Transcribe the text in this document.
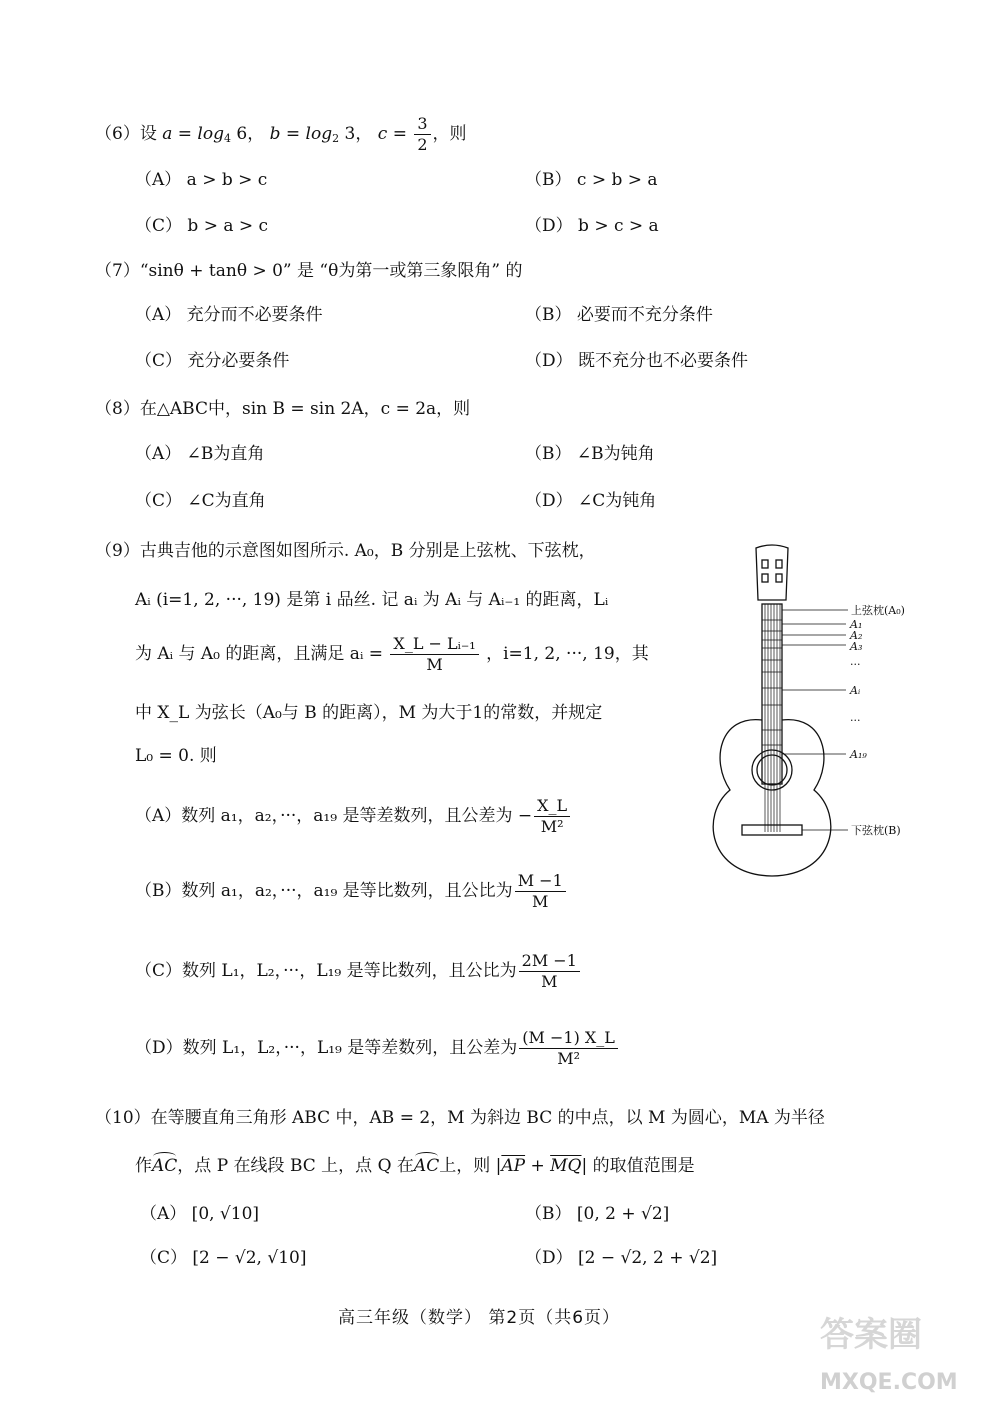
（6）设 $a = \log_4 6$， $b = \log_2 3$， $c = \frac{3}{2}$ ，则
（A） a > b > c	（B） c > b > a
（C） b > a > c	（D） b > c > a
（7）“sinθ + tanθ > 0” 是 “θ为第一或第三象限角” 的
（A） 充分而不必要条件	（B） 必要而不充分条件
（C） 充分必要条件	（D） 既不充分也不必要条件
（8）在△ABC中，sin B = sin 2A，c = 2a，则
（A） ∠B为直角	（B） ∠B为钝角
（C） ∠C为直角	（D） ∠C为钝角
（9）古典吉他的示意图如图所示. A₀，B 分别是上弦枕、下弦枕，
Aᵢ (i=1, 2, ···, 19) 是第 i 品丝. 记 aᵢ 为 Aᵢ 与 Aᵢ₋₁ 的距离，Lᵢ
为 Aᵢ 与 A₀ 的距离，且满足 aᵢ = $\frac{\text{X\_L − Lᵢ₋₁}}{M}$ ，i=1, 2, ···, 19，其
中 X_L 为弦长（A₀与 B 的距离），M 为大于1的常数，并规定
L₀ = 0. 则
（A）数列 a₁，a₂，···，a₁₉ 是等差数列，且公差为 − $\frac{X\_L}{\text{M²}}$
（B）数列 a₁，a₂，···，a₁₉ 是等比数列，且公比为 $\frac{M -1}{M}$
（C）数列 L₁，L₂，···，L₁₉ 是等比数列，且公比为 $\frac{2M -1}{M}$
（D）数列 L₁，L₂，···，L₁₉ 是等差数列，且公差为 $\frac{(M -1) X\_L}{\text{M²}}$
上弦枕(A₀)
A₁
A₂
A₃
···
Aᵢ
···
A₁₉
下弦枕(B)
（10）在等腰直角三角形 ABC 中，AB = 2，M 为斜边 BC 的中点，以 M 为圆心，MA 为半径
作AC，点 P 在线段 BC 上，点 Q 在AC上，则 $|\overline{AP} + \overline{MQ}|$ 的取值范围是
（A） [0, √10]	（B） [0, 2 + √2]
（C） [2 − √2, √10]	（D） [2 − √2, 2 + √2]
高三年级（数学） 第2页（共6页）	答案圈
MXQE.COM
